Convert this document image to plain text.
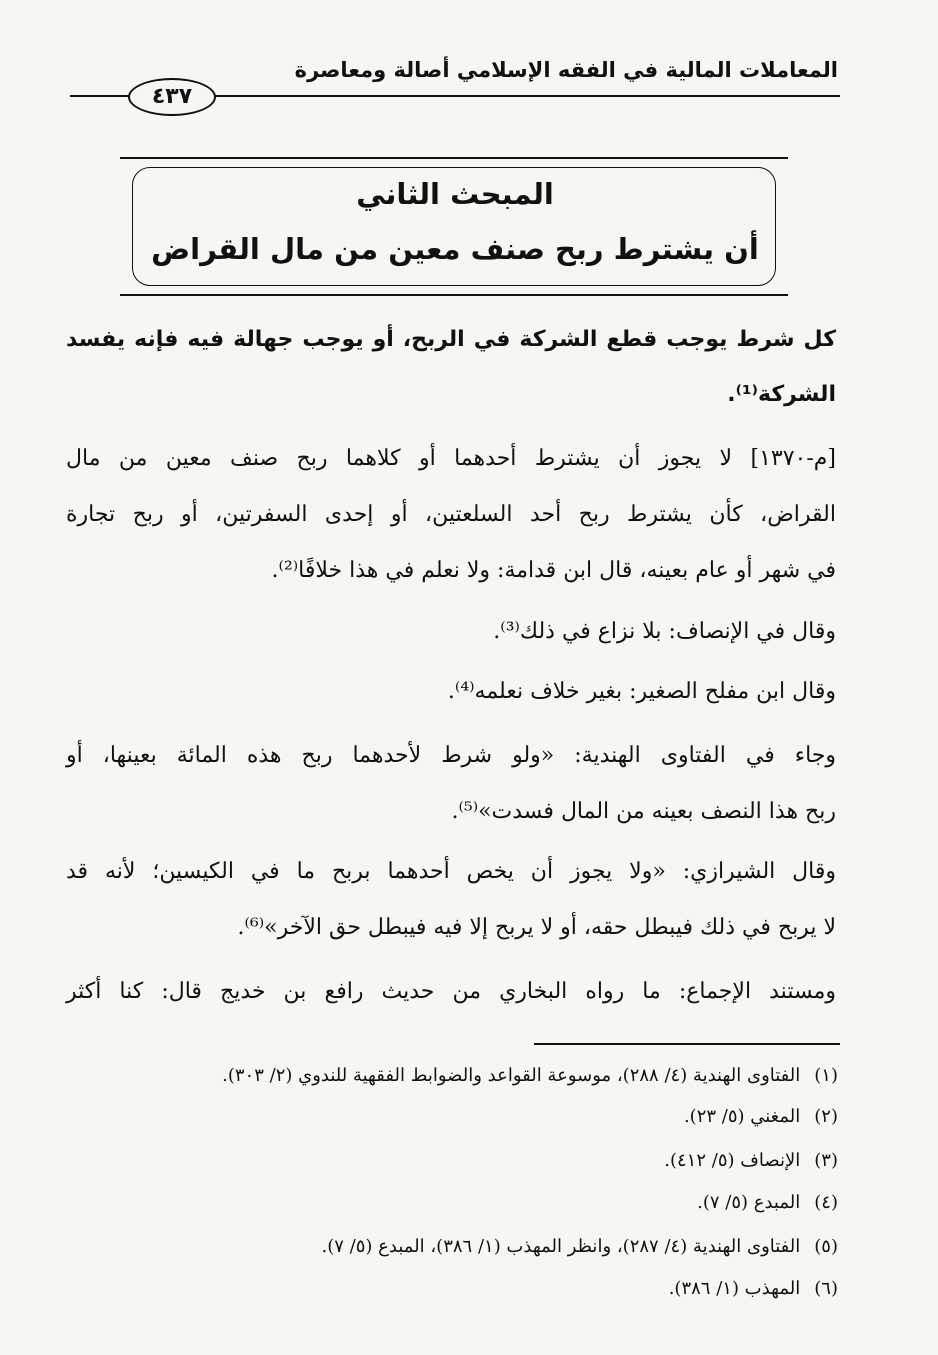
المعاملات المالية في الفقه الإسلامي أصالة ومعاصرة
٤٣٧
المبحث الثاني
أن يشترط ربح صنف معين من مال القراض
كل شرط يوجب قطع الشركة في الربح، أو يوجب جهالة فيه فإنه يفسد
الشركة⁽¹⁾.
[م-١٣٧٠] لا يجوز أن يشترط أحدهما أو كلاهما ربح صنف معين من مال
القراض، كأن يشترط ربح أحد السلعتين، أو إحدى السفرتين، أو ربح تجارة
في شهر أو عام بعينه، قال ابن قدامة: ولا نعلم في هذا خلافًا⁽²⁾.
وقال في الإنصاف: بلا نزاع في ذلك⁽³⁾.
وقال ابن مفلح الصغير: بغير خلاف نعلمه⁽⁴⁾.
وجاء في الفتاوى الهندية: «ولو شرط لأحدهما ربح هذه المائة بعينها، أو
ربح هذا النصف بعينه من المال فسدت»⁽⁵⁾.
وقال الشيرازي: «ولا يجوز أن يخص أحدهما بربح ما في الكيسين؛ لأنه قد
لا يربح في ذلك فيبطل حقه، أو لا يربح إلا فيه فيبطل حق الآخر»⁽⁶⁾.
ومستند الإجماع: ما رواه البخاري من حديث رافع بن خديج قال: كنا أكثر
(١)الفتاوى الهندية (٤/ ٢٨٨)، موسوعة القواعد والضوابط الفقهية للندوي (٢/ ٣٠٣).
(٢)المغني (٥/ ٢٣).
(٣)الإنصاف (٥/ ٤١٢).
(٤)المبدع (٥/ ٧).
(٥)الفتاوى الهندية (٤/ ٢٨٧)، وانظر المهذب (١/ ٣٨٦)، المبدع (٥/ ٧).
(٦)المهذب (١/ ٣٨٦).
